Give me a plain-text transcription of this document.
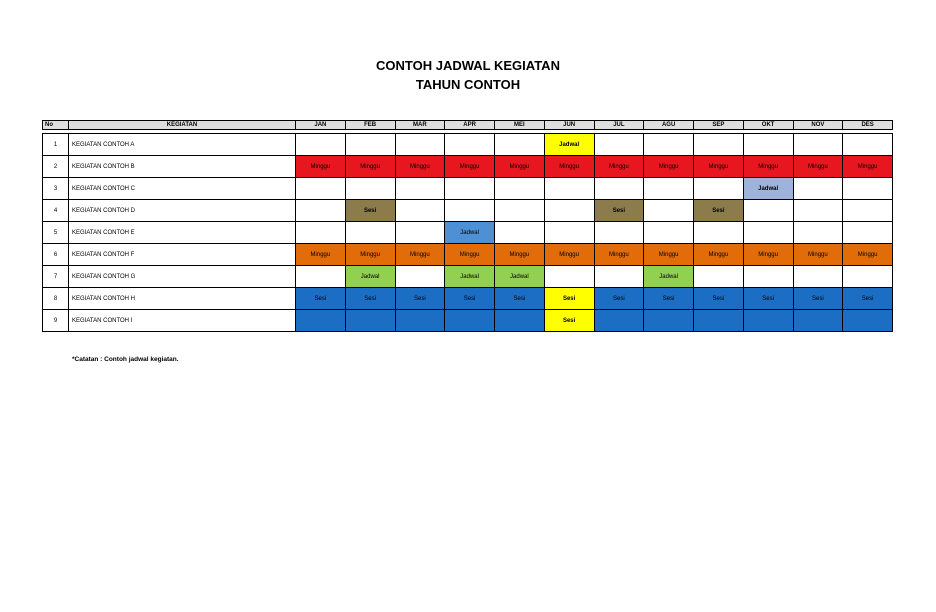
CONTOH JADWAL KEGIATAN
TAHUN CONTOH
No	KEGIATAN	JAN	FEB	MAR	APR	MEI	JUN	JUL	AGU	SEP	OKT	NOV	DES

1	KEGIATAN CONTOH A						Jadwal						
2	KEGIATAN CONTOH B	Minggu	Minggu	Minggu	Minggu	Minggu	Minggu	Minggu	Minggu	Minggu	Minggu	Minggu	Minggu
3	KEGIATAN CONTOH C										Jadwal		
4	KEGIATAN CONTOH D		Sesi					Sesi		Sesi			
5	KEGIATAN CONTOH E				Jadwal								
6	KEGIATAN CONTOH F	Minggu	Minggu	Minggu	Minggu	Minggu	Minggu	Minggu	Minggu	Minggu	Minggu	Minggu	Minggu
7	KEGIATAN CONTOH G		Jadwal		Jadwal	Jadwal			Jadwal				
8	KEGIATAN CONTOH H	Sesi	Sesi	Sesi	Sesi	Sesi	Sesi	Sesi	Sesi	Sesi	Sesi	Sesi	Sesi
9	KEGIATAN CONTOH I						Sesi						
*Catatan : Contoh jadwal kegiatan.
